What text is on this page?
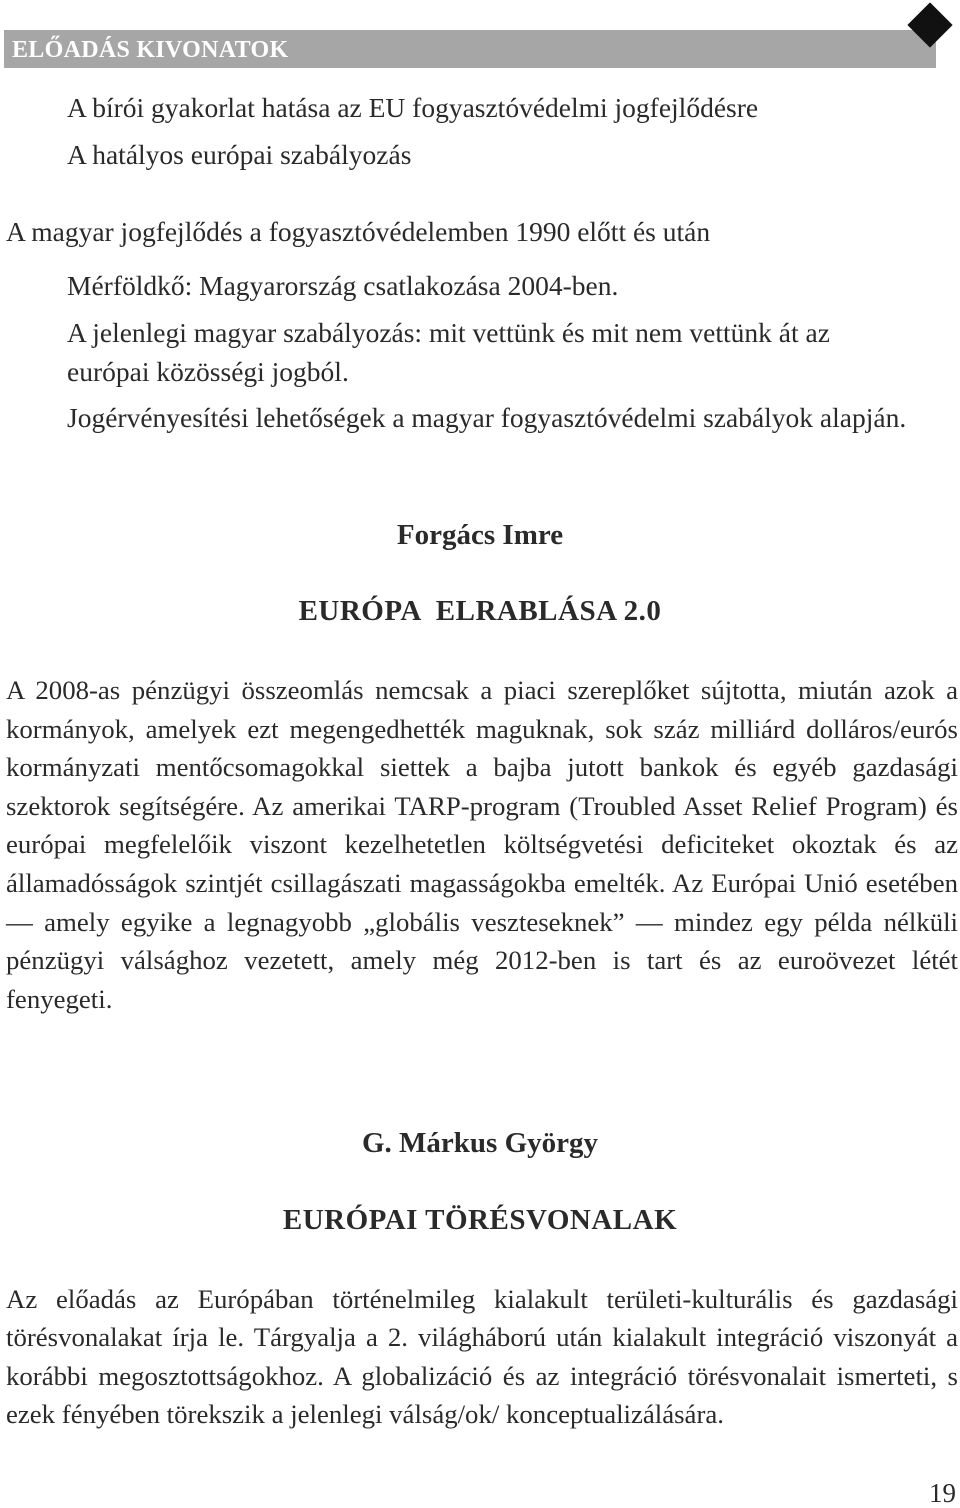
ELŐADÁS KIVONATOK
A bírói gyakorlat hatása az EU fogyasztóvédelmi jogfejlődésre
A hatályos európai szabályozás
A magyar jogfejlődés a fogyasztóvédelemben 1990 előtt és után
Mérföldkő: Magyarország csatlakozása 2004-ben.
A jelenlegi magyar szabályozás: mit vettünk és mit nem vettünk át az
európai közösségi jogból.
Jogérvényesítési lehetőségek a magyar fogyasztóvédelmi szabályok alapján.
Forgács Imre
EURÓPA  ELRABLÁSA 2.0
A 2008-as pénzügyi összeomlás nemcsak a piaci szereplőket sújtotta, miután azok a kormányok, amelyek ezt megengedhették maguknak, sok száz milliárd dolláros/eurós kormányzati mentőcsomagokkal siettek a bajba jutott bankok és egyéb gazdasági szektorok segítségére. Az amerikai TARP-program (Troubled Asset Relief Program) és európai megfelelőik viszont kezelhetetlen költségvetési deficiteket okoztak és az államadósságok szintjét csillagászati magasságokba emelték. Az Európai Unió esetében — amely egyike a legnagyobb „globális veszteseknek” — mindez egy példa nélküli pénzügyi válsághoz vezetett, amely még 2012-ben is tart és az euroövezet létét fenyegeti.
G. Márkus György
EURÓPAI TÖRÉSVONALAK
Az előadás az Európában történelmileg kialakult területi-kulturális és gazdasági törésvonalakat írja le. Tárgyalja a 2. világháború után kialakult integráció viszonyát a korábbi megosztottságokhoz. A globalizáció és az integráció törésvonalait ismerteti, s ezek fényében törekszik a jelenlegi válság/ok/ konceptualizálására.
19
